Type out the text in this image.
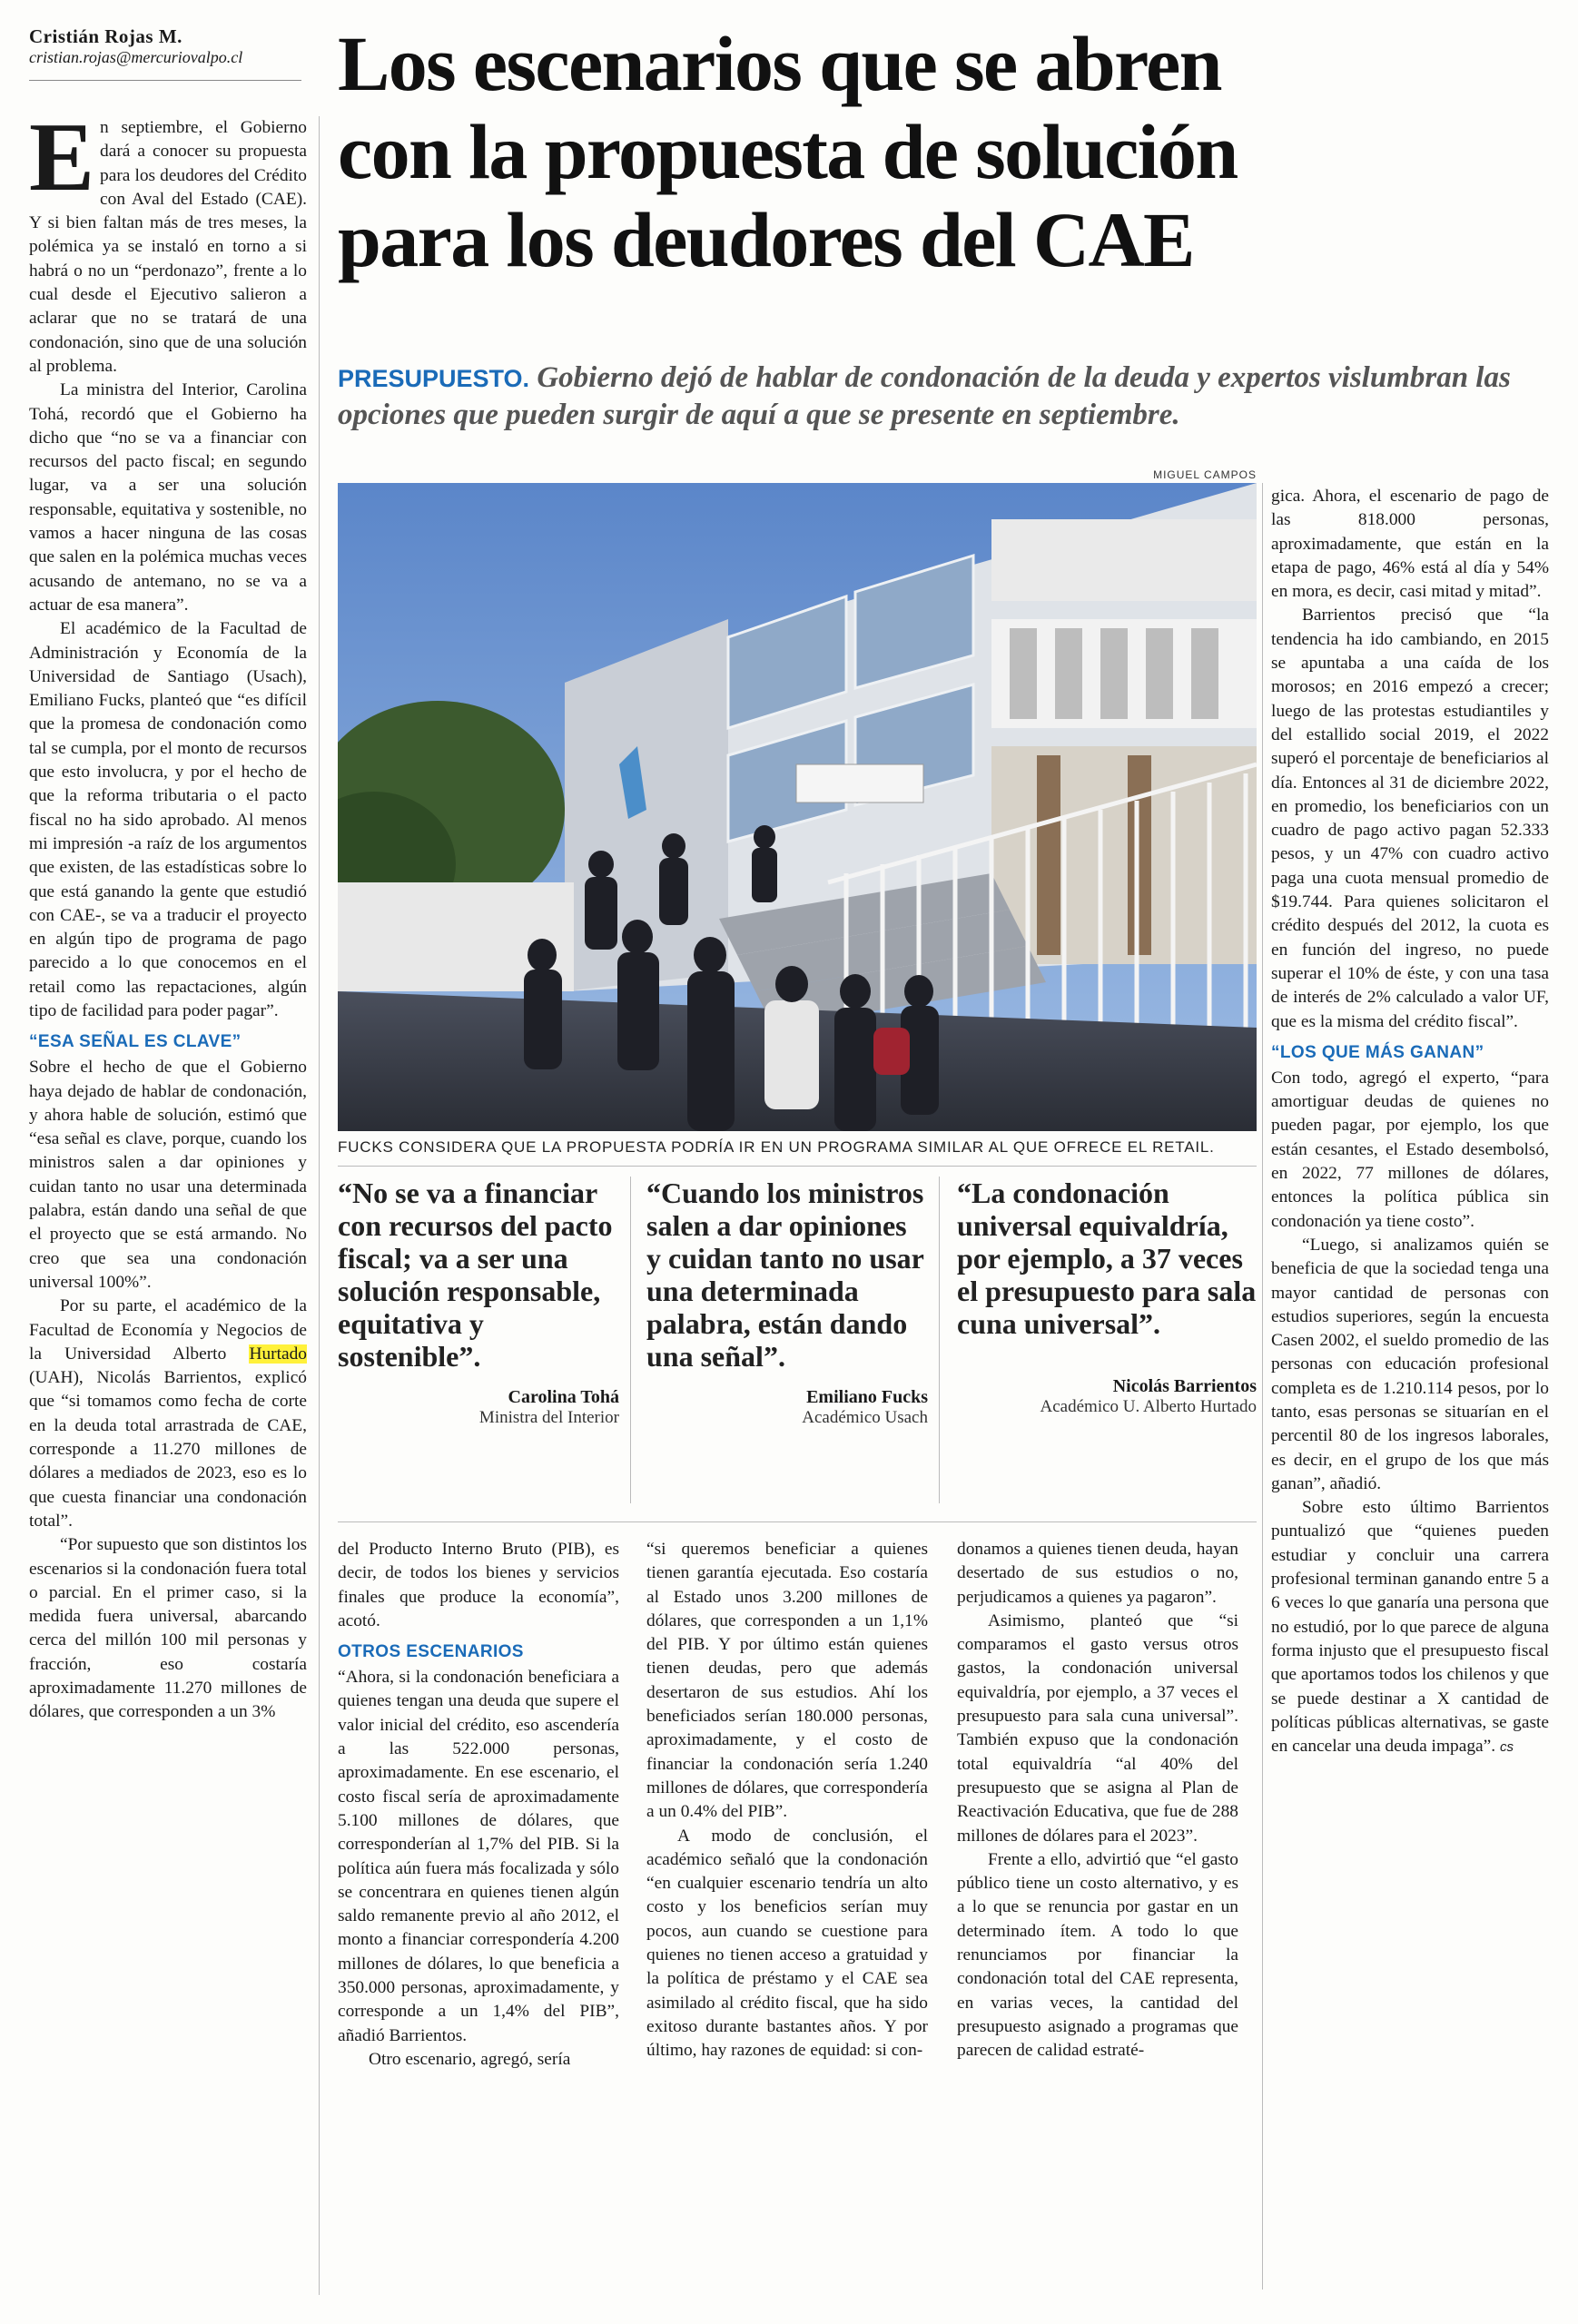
Cristián Rojas M.
cristian.rojas@mercuriovalpo.cl	Los escenarios que se abren
con la propuesta de solución
para los deudores del CAE
PRESUPUESTO. Gobierno dejó de hablar de condonación de la deuda y expertos vislumbran las opciones que pueden surgir de aquí a que se presente en septiembre.

En septiembre, el Gobierno dará a conocer su propuesta para los deudores del Crédito con Aval del Estado (CAE). Y si bien faltan más de tres meses, la polémica ya se instaló en torno a si habrá o no un “perdonazo”, frente a lo cual desde el Ejecutivo salieron a aclarar que no se tratará de una condonación, sino que de una solución al problema.

La ministra del Interior, Carolina Tohá, recordó que el Gobierno ha dicho que “no se va a financiar con recursos del pacto fiscal; en segundo lugar, va a ser una solución responsable, equitativa y sostenible, no vamos a hacer ninguna de las cosas que salen en la polémica muchas veces acusando de antemano, no se va a actuar de esa manera”.

El académico de la Facultad de Administración y Economía de la Universidad de Santiago (Usach), Emiliano Fucks, planteó que “es difícil que la promesa de condonación como tal se cumpla, por el monto de recursos que esto involucra, y por el hecho de que la reforma tributaria o el pacto fiscal no ha sido aprobado. Al menos mi impresión -a raíz de los argumentos que existen, de las estadísticas sobre lo que está ganando la gente que estudió con CAE-, se va a traducir el proyecto en algún tipo de programa de pago parecido a lo que conocemos en el retail como las repactaciones, algún tipo de facilidad para poder pagar”.

“ESA SEÑAL ES CLAVE”

Sobre el hecho de que el Gobierno haya dejado de hablar de condonación, y ahora hable de solución, estimó que “esa señal es clave, porque, cuando los ministros salen a dar opiniones y cuidan tanto no usar una determinada palabra, están dando una señal de que el proyecto que se está armando. No creo que sea una condonación universal 100%”.

Por su parte, el académico de la Facultad de Economía y Negocios de la Universidad Alberto Hurtado (UAH), Nicolás Barrientos, explicó que “si tomamos como fecha de corte en la deuda total arrastrada de CAE, corresponde a 11.270 millones de dólares a mediados de 2023, eso es lo que cuesta financiar una condonación total”.

“Por supuesto que son distintos los escenarios si la condonación fuera total o parcial. En el primer caso, si la medida fuera universal, abarcando cerca del millón 100 mil personas y fracción, eso costaría aproximadamente 11.270 millones de dólares, que corresponden a un 3%

MIGUEL CAMPOS
FUCKS CONSIDERA QUE LA PROPUESTA PODRÍA IR EN UN PROGRAMA SIMILAR AL QUE OFRECE EL RETAIL.
“No se va a financiar con recursos del pacto fiscal; va a ser una solución responsable, equitativa y sostenible”.
Carolina Tohá
Ministra del Interior
“Cuando los ministros salen a dar opiniones y cuidan tanto no usar una determinada palabra, están dando una señal”.
Emiliano Fucks
Académico Usach
“La condonación universal equivaldría, por ejemplo, a 37 veces el presupuesto para sala cuna universal”.
Nicolás Barrientos
Académico U. Alberto Hurtado

del Producto Interno Bruto (PIB), es decir, de todos los bienes y servicios finales que produce la economía”, acotó.

OTROS ESCENARIOS

“Ahora, si la condonación beneficiara a quienes tengan una deuda que supere el valor inicial del crédito, eso ascendería a las 522.000 personas, aproximadamente. En ese escenario, el costo fiscal sería de aproximadamente 5.100 millones de dólares, que corresponderían al 1,7% del PIB. Si la política aún fuera más focalizada y sólo se concentrara en quienes tienen algún saldo remanente previo al año 2012, el monto a financiar correspondería 4.200 millones de dólares, lo que beneficia a 350.000 personas, aproximadamente, y corresponde a un 1,4% del PIB”, añadió Barrientos.

Otro escenario, agregó, sería

“si queremos beneficiar a quienes tienen garantía ejecutada. Eso costaría al Estado unos 3.200 millones de dólares, que corresponden a un 1,1% del PIB. Y por último están quienes tienen deudas, pero que además desertaron de sus estudios. Ahí los beneficiados serían 180.000 personas, aproximadamente, y el costo de financiar la condonación sería 1.240 millones de dólares, que correspondería a un 0.4% del PIB”.

A modo de conclusión, el académico señaló que la condonación “en cualquier escenario tendría un alto costo y los beneficios serían muy pocos, aun cuando se cuestione para quienes no tienen acceso a gratuidad y la política de préstamo y el CAE sea asimilado al crédito fiscal, que ha sido exitoso durante bastantes años. Y por último, hay razones de equidad: si con-

donamos a quienes tienen deuda, hayan desertado de sus estudios o no, perjudicamos a quienes ya pagaron”.

Asimismo, planteó que “si comparamos el gasto versus otros gastos, la condonación universal equivaldría, por ejemplo, a 37 veces el presupuesto para sala cuna universal”. También expuso que la condonación total equivaldría “al 40% del presupuesto que se asigna al Plan de Reactivación Educativa, que fue de 288 millones de dólares para el 2023”.

Frente a ello, advirtió que “el gasto público tiene un costo alternativo, y es a lo que se renuncia por gastar en un determinado ítem. A todo lo que renunciamos por financiar la condonación total del CAE representa, en varias veces, la cantidad del presupuesto asignado a programas que parecen de calidad estraté-

gica. Ahora, el escenario de pago de las 818.000 personas, aproximadamente, que están en la etapa de pago, 46% está al día y 54% en mora, es decir, casi mitad y mitad”.

Barrientos precisó que “la tendencia ha ido cambiando, en 2015 se apuntaba a una caída de los morosos; en 2016 empezó a crecer; luego de las protestas estudiantiles y del estallido social 2019, el 2022 superó el porcentaje de beneficiarios al día. Entonces al 31 de diciembre 2022, en promedio, los beneficiarios con un cuadro de pago activo pagan 52.333 pesos, y un 47% con cuadro activo paga una cuota mensual promedio de $19.744. Para quienes solicitaron el crédito después del 2012, la cuota es en función del ingreso, no puede superar el 10% de éste, y con una tasa de interés de 2% calculado a valor UF, que es la misma del crédito fiscal”.

“LOS QUE MÁS GANAN”

Con todo, agregó el experto, “para amortiguar deudas de quienes no pueden pagar, por ejemplo, los que están cesantes, el Estado desembolsó, en 2022, 77 millones de dólares, entonces la política pública sin condonación ya tiene costo”.

“Luego, si analizamos quién se beneficia de que la sociedad tenga una mayor cantidad de personas con estudios superiores, según la encuesta Casen 2002, el sueldo promedio de las personas con educación profesional completa es de 1.210.114 pesos, por lo tanto, esas personas se situarían en el percentil 80 de los ingresos laborales, es decir, en el grupo de los que más ganan”, añadió.

Sobre esto último Barrientos puntualizó que “quienes pueden estudiar y concluir una carrera profesional terminan ganando entre 5 a 6 veces lo que ganaría una persona que no estudió, por lo que parece de alguna forma injusto que el presupuesto fiscal que aportamos todos los chilenos y que se puede destinar a X cantidad de políticas públicas alternativas, se gaste en cancelar una deuda impaga”. cs
